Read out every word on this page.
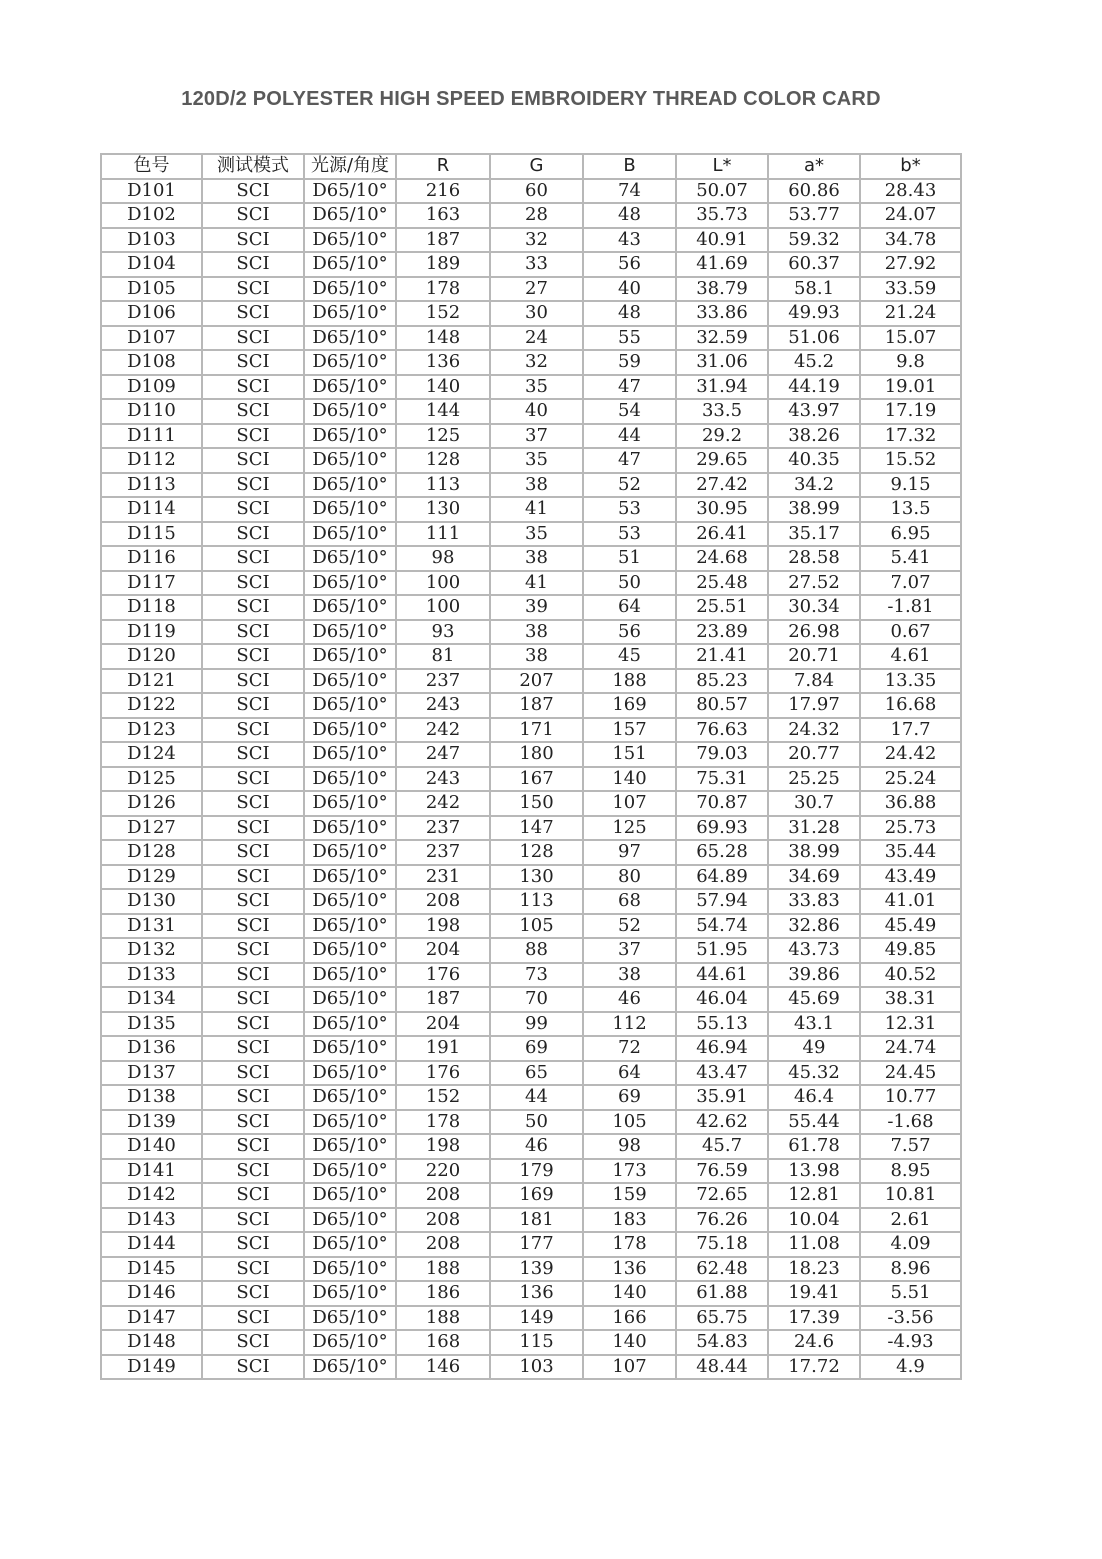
120D/2 POLYESTER HIGH SPEED EMBROIDERY THREAD COLOR CARD
色号	测试模式	光源/角度	R	G	B	L*	a*	b*
D101	SCI	D65/10°	216	60	74	50.07	60.86	28.43
D102	SCI	D65/10°	163	28	48	35.73	53.77	24.07
D103	SCI	D65/10°	187	32	43	40.91	59.32	34.78
D104	SCI	D65/10°	189	33	56	41.69	60.37	27.92
D105	SCI	D65/10°	178	27	40	38.79	58.1	33.59
D106	SCI	D65/10°	152	30	48	33.86	49.93	21.24
D107	SCI	D65/10°	148	24	55	32.59	51.06	15.07
D108	SCI	D65/10°	136	32	59	31.06	45.2	9.8
D109	SCI	D65/10°	140	35	47	31.94	44.19	19.01
D110	SCI	D65/10°	144	40	54	33.5	43.97	17.19
D111	SCI	D65/10°	125	37	44	29.2	38.26	17.32
D112	SCI	D65/10°	128	35	47	29.65	40.35	15.52
D113	SCI	D65/10°	113	38	52	27.42	34.2	9.15
D114	SCI	D65/10°	130	41	53	30.95	38.99	13.5
D115	SCI	D65/10°	111	35	53	26.41	35.17	6.95
D116	SCI	D65/10°	98	38	51	24.68	28.58	5.41
D117	SCI	D65/10°	100	41	50	25.48	27.52	7.07
D118	SCI	D65/10°	100	39	64	25.51	30.34	-1.81
D119	SCI	D65/10°	93	38	56	23.89	26.98	0.67
D120	SCI	D65/10°	81	38	45	21.41	20.71	4.61
D121	SCI	D65/10°	237	207	188	85.23	7.84	13.35
D122	SCI	D65/10°	243	187	169	80.57	17.97	16.68
D123	SCI	D65/10°	242	171	157	76.63	24.32	17.7
D124	SCI	D65/10°	247	180	151	79.03	20.77	24.42
D125	SCI	D65/10°	243	167	140	75.31	25.25	25.24
D126	SCI	D65/10°	242	150	107	70.87	30.7	36.88
D127	SCI	D65/10°	237	147	125	69.93	31.28	25.73
D128	SCI	D65/10°	237	128	97	65.28	38.99	35.44
D129	SCI	D65/10°	231	130	80	64.89	34.69	43.49
D130	SCI	D65/10°	208	113	68	57.94	33.83	41.01
D131	SCI	D65/10°	198	105	52	54.74	32.86	45.49
D132	SCI	D65/10°	204	88	37	51.95	43.73	49.85
D133	SCI	D65/10°	176	73	38	44.61	39.86	40.52
D134	SCI	D65/10°	187	70	46	46.04	45.69	38.31
D135	SCI	D65/10°	204	99	112	55.13	43.1	12.31
D136	SCI	D65/10°	191	69	72	46.94	49	24.74
D137	SCI	D65/10°	176	65	64	43.47	45.32	24.45
D138	SCI	D65/10°	152	44	69	35.91	46.4	10.77
D139	SCI	D65/10°	178	50	105	42.62	55.44	-1.68
D140	SCI	D65/10°	198	46	98	45.7	61.78	7.57
D141	SCI	D65/10°	220	179	173	76.59	13.98	8.95
D142	SCI	D65/10°	208	169	159	72.65	12.81	10.81
D143	SCI	D65/10°	208	181	183	76.26	10.04	2.61
D144	SCI	D65/10°	208	177	178	75.18	11.08	4.09
D145	SCI	D65/10°	188	139	136	62.48	18.23	8.96
D146	SCI	D65/10°	186	136	140	61.88	19.41	5.51
D147	SCI	D65/10°	188	149	166	65.75	17.39	-3.56
D148	SCI	D65/10°	168	115	140	54.83	24.6	-4.93
D149	SCI	D65/10°	146	103	107	48.44	17.72	4.9
